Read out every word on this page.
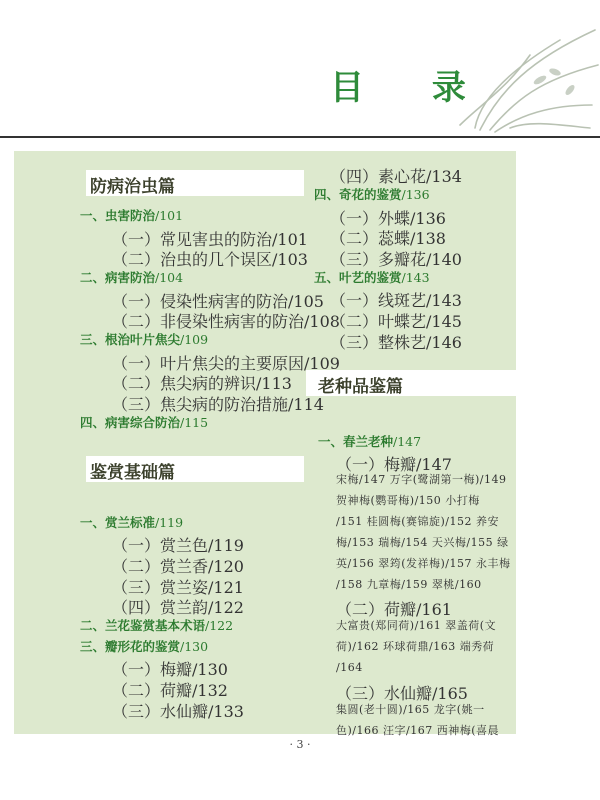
目 录
防病治虫篇
鉴赏基础篇
老种品鉴篇
一、虫害防治/101
（一）常见害虫的防治/101
（二）治虫的几个误区/103
二、病害防治/104
（一）侵染性病害的防治/105
（二）非侵染性病害的防治/108
三、根治叶片焦尖/109
（一）叶片焦尖的主要原因/109
（二）焦尖病的辨识/113
（三）焦尖病的防治措施/114
四、病害综合防治/115
一、赏兰标准/119
（一）赏兰色/119
（二）赏兰香/120
（三）赏兰姿/121
（四）赏兰韵/122
二、兰花鉴赏基本术语/122
三、瓣形花的鉴赏/130
（一）梅瓣/130
（二）荷瓣/132
（三）水仙瓣/133
（四）素心花/134
四、奇花的鉴赏/136
（一）外蝶/136
（二）蕊蝶/138
（三）多瓣花/140
五、叶艺的鉴赏/143
（一）线斑艺/143
（二）叶蝶艺/145
（三）整株艺/146
一、春兰老种/147
（一）梅瓣/147
宋梅/147 万字(鹭湖第一梅)/149
贺神梅(鹦哥梅)/150 小打梅
/151 桂圆梅(赛锦旋)/152 养安
梅/153 瑞梅/154 天兴梅/155 绿
英/156 翠筠(发祥梅)/157 永丰梅
/158 九章梅/159 翠桃/160
（二）荷瓣/161
大富贵(郑同荷)/161 翠盖荷(文
荷)/162 环球荷鼎/163 端秀荷
/164
（三）水仙瓣/165
集圆(老十圆)/165 龙字(姚一
色)/166 汪字/167 西神梅(喜晨
· 3 ·
